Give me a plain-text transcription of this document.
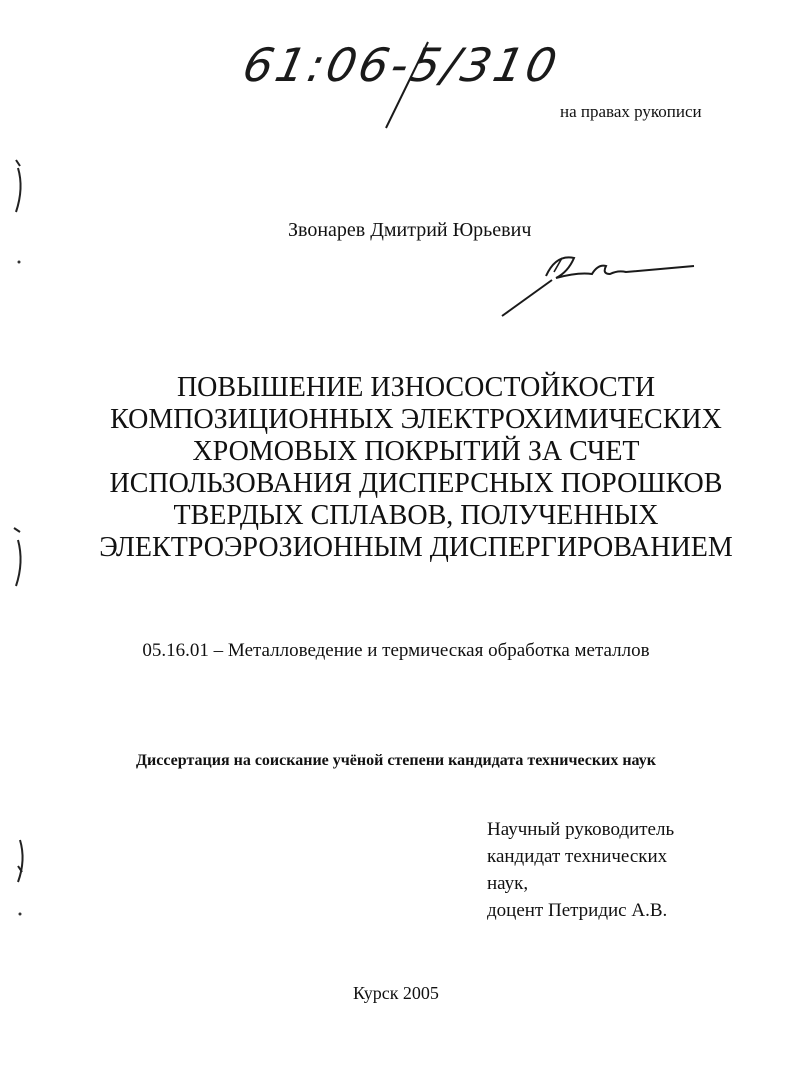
61:06-5/310
на правах рукописи
Звонарев Дмитрий Юрьевич
ПОВЫШЕНИЕ ИЗНОСОСТОЙКОСТИ
КОМПОЗИЦИОННЫХ ЭЛЕКТРОХИМИЧЕСКИХ
ХРОМОВЫХ ПОКРЫТИЙ ЗА СЧЕТ
ИСПОЛЬЗОВАНИЯ ДИСПЕРСНЫХ ПОРОШКОВ
ТВЕРДЫХ СПЛАВОВ, ПОЛУЧЕННЫХ
ЭЛЕКТРОЭРОЗИОННЫМ ДИСПЕРГИРОВАНИЕМ
05.16.01 – Металловедение и термическая обработка металлов
Диссертация на соискание учёной степени кандидата технических наук
Научный руководитель
кандидат технических
наук,
доцент Петридис А.В.
Курск 2005
